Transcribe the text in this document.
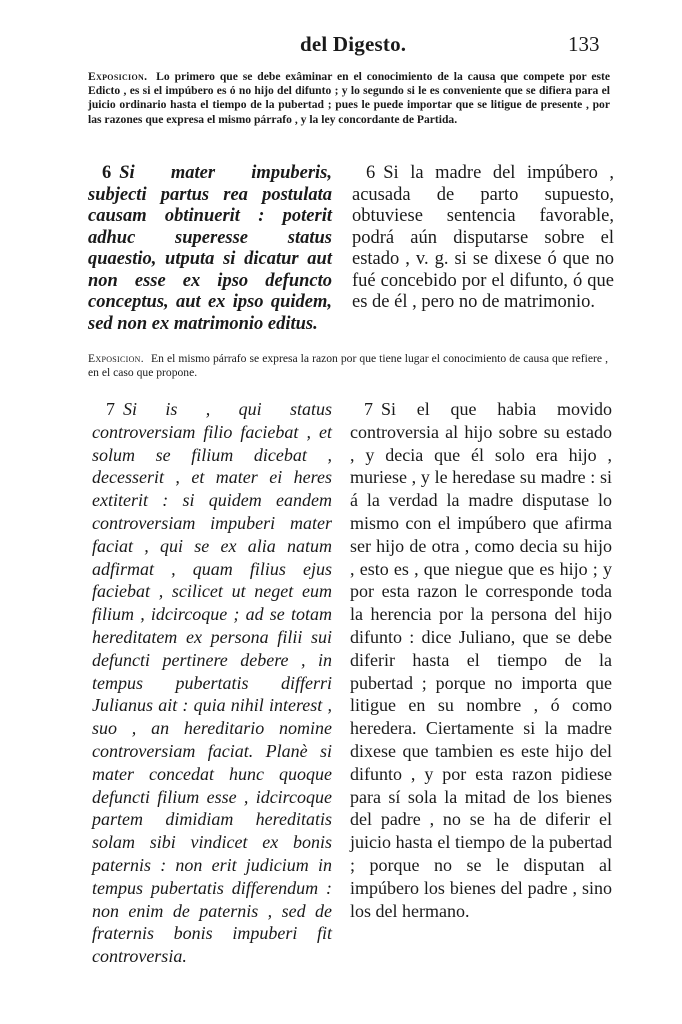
del Digesto.	133
Exposicion. Lo primero que se debe exâminar en el conocimiento de la causa que compete por este Edicto , es si el impúbero es ó no hijo del difunto ; y lo segundo si le es conveniente que se difiera para el juicio ordinario hasta el tiempo de la pubertad ; pues le puede importar que se litigue de presente , por las razones que expresa el mismo párrafo , y la ley concordante de Partida.

6 Si mater impuberis, subjecti partus rea postulata causam obtinuerit : poterit adhuc superesse status quaestio, utputa si dicatur aut non esse ex ipso defuncto conceptus, aut ex ipso quidem, sed non ex matrimonio editus.

6 Si la madre del impúbero , acusada de parto supuesto, obtuviese sentencia favorable, podrá aún disputarse sobre el estado , v. g. si se dixese ó que no fué concebido por el difunto, ó que es de él , pero no de matrimonio.

Exposicion. En el mismo párrafo se expresa la razon por que tiene lugar el conocimiento de causa que refiere , en el caso que propone.

7 Si is , qui status controversiam filio faciebat , et solum se filium dicebat , decesserit , et mater ei heres extiterit : si quidem eandem controversiam impuberi mater faciat , qui se ex alia natum adfirmat , quam filius ejus faciebat , scilicet ut neget eum filium , idcircoque ; ad se totam hereditatem ex persona filii sui defuncti pertinere debere , in tempus pubertatis differri Julianus ait : quia nihil interest , suo , an hereditario nomine controversiam faciat. Planè si mater concedat hunc quoque defuncti filium esse , idcircoque partem dimidiam hereditatis solam sibi vindicet ex bonis paternis : non erit judicium in tempus pubertatis differendum : non enim de paternis , sed de fraternis bonis impuberi fit controversia.

7 Si el que habia movido controversia al hijo sobre su estado , y decia que él solo era hijo , muriese , y le heredase su madre : si á la verdad la madre disputase lo mismo con el impúbero que afirma ser hijo de otra , como decia su hijo , esto es , que niegue que es hijo ; y por esta razon le corresponde toda la herencia por la persona del hijo difunto : dice Juliano, que se debe diferir hasta el tiempo de la pubertad ; porque no importa que litigue en su nombre , ó como heredera. Ciertamente si la madre dixese que tambien es este hijo del difunto , y por esta razon pidiese para sí sola la mitad de los bienes del padre , no se ha de diferir el juicio hasta el tiempo de la pubertad ; porque no se le disputan al impúbero los bienes del padre , sino los del hermano.
